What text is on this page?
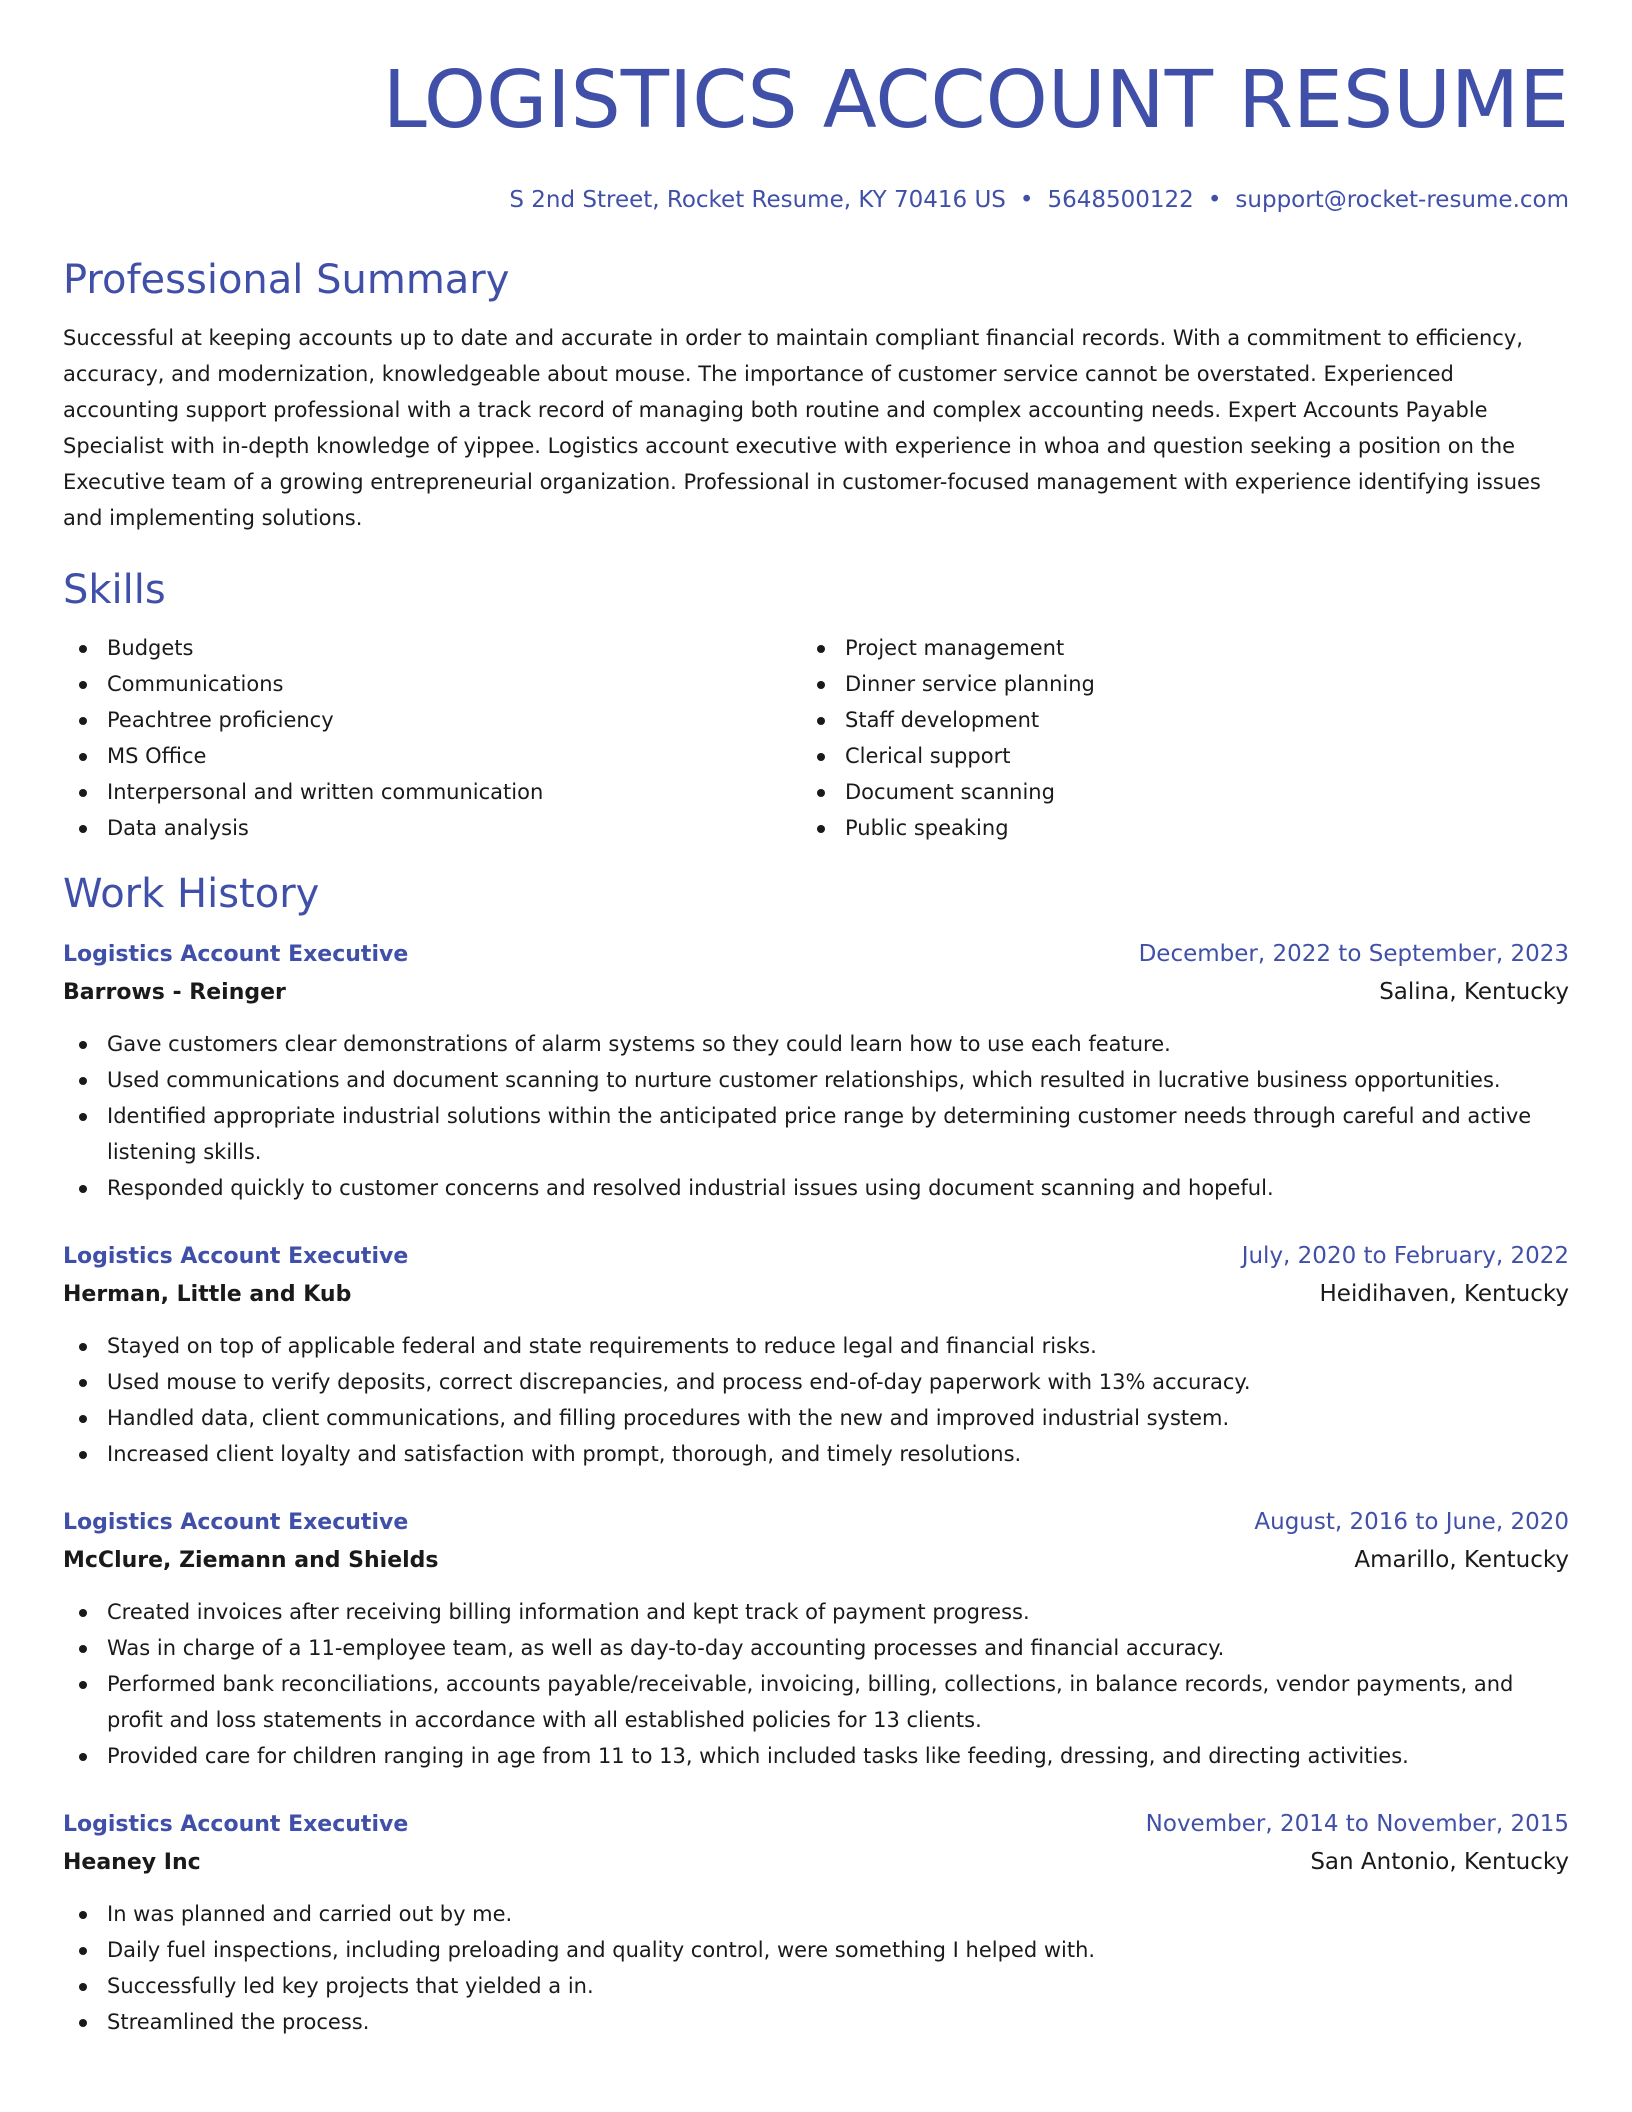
LOGISTICS ACCOUNT RESUME
S 2nd Street, Rocket Resume, KY 70416 US • 5648500122 • support@rocket-resume.com
Professional Summary
Successful at keeping accounts up to date and accurate in order to maintain compliant financial records. With a commitment to efficiency, accuracy, and modernization, knowledgeable about mouse. The importance of customer service cannot be overstated. Experienced accounting support professional with a track record of managing both routine and complex accounting needs. Expert Accounts Payable Specialist with in-depth knowledge of yippee. Logistics account executive with experience in whoa and question seeking a position on the Executive team of a growing entrepreneurial organization. Professional in customer-focused management with experience identifying issues and implementing solutions.
Skills
Budgets
Communications
Peachtree proficiency
MS Office
Interpersonal and written communication
Data analysis
Project management
Dinner service planning
Staff development
Clerical support
Document scanning
Public speaking
Work History
Logistics Account Executive	December, 2022 to September, 2023
Barrows - Reinger	Salina, Kentucky
Gave customers clear demonstrations of alarm systems so they could learn how to use each feature.
Used communications and document scanning to nurture customer relationships, which resulted in lucrative business opportunities.
Identified appropriate industrial solutions within the anticipated price range by determining customer needs through careful and active listening skills.
Responded quickly to customer concerns and resolved industrial issues using document scanning and hopeful.
Logistics Account Executive	July, 2020 to February, 2022
Herman, Little and Kub	Heidihaven, Kentucky
Stayed on top of applicable federal and state requirements to reduce legal and financial risks.
Used mouse to verify deposits, correct discrepancies, and process end-of-day paperwork with 13% accuracy.
Handled data, client communications, and filling procedures with the new and improved industrial system.
Increased client loyalty and satisfaction with prompt, thorough, and timely resolutions.
Logistics Account Executive	August, 2016 to June, 2020
McClure, Ziemann and Shields	Amarillo, Kentucky
Created invoices after receiving billing information and kept track of payment progress.
Was in charge of a 11-employee team, as well as day-to-day accounting processes and financial accuracy.
Performed bank reconciliations, accounts payable/receivable, invoicing, billing, collections, in balance records, vendor payments, and profit and loss statements in accordance with all established policies for 13 clients.
Provided care for children ranging in age from 11 to 13, which included tasks like feeding, dressing, and directing activities.
Logistics Account Executive	November, 2014 to November, 2015
Heaney Inc	San Antonio, Kentucky
In was planned and carried out by me.
Daily fuel inspections, including preloading and quality control, were something I helped with.
Successfully led key projects that yielded a in.
Streamlined the process.
